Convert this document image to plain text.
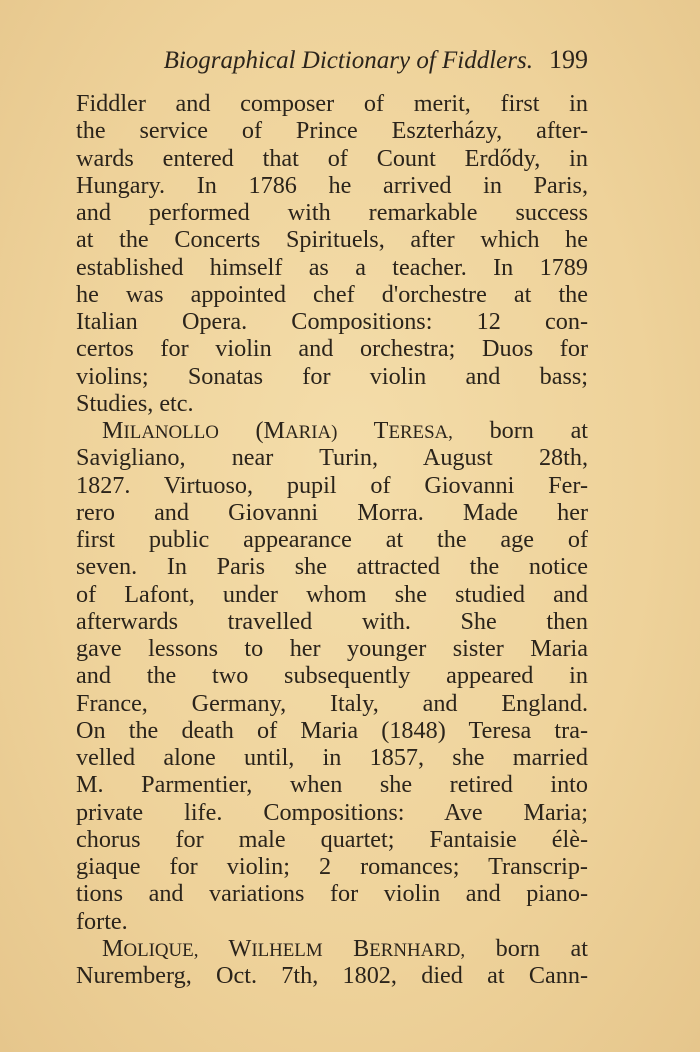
Biographical Dictionary of Fiddlers. 199
Fiddler and composer of merit, first in
the service of Prince Eszterházy, after-
wards entered that of Count Erdődy, in
Hungary. In 1786 he arrived in Paris,
and performed with remarkable success
at the Concerts Spirituels, after which he
established himself as a teacher. In 1789
he was appointed chef d'orchestre at the
Italian Opera. Compositions: 12 con-
certos for violin and orchestra; Duos for
violins; Sonatas for violin and bass;
Studies, etc.
MILANOLLO (MARIA) TERESA, born at
Savigliano, near Turin, August 28th,
1827. Virtuoso, pupil of Giovanni Fer-
rero and Giovanni Morra. Made her
first public appearance at the age of
seven. In Paris she attracted the notice
of Lafont, under whom she studied and
afterwards travelled with. She then
gave lessons to her younger sister Maria
and the two subsequently appeared in
France, Germany, Italy, and England.
On the death of Maria (1848) Teresa tra-
velled alone until, in 1857, she married
M. Parmentier, when she retired into
private life. Compositions: Ave Maria;
chorus for male quartet; Fantaisie élè-
giaque for violin; 2 romances; Transcrip-
tions and variations for violin and piano-
forte.
MOLIQUE, WILHELM BERNHARD, born at
Nuremberg, Oct. 7th, 1802, died at Cann-
